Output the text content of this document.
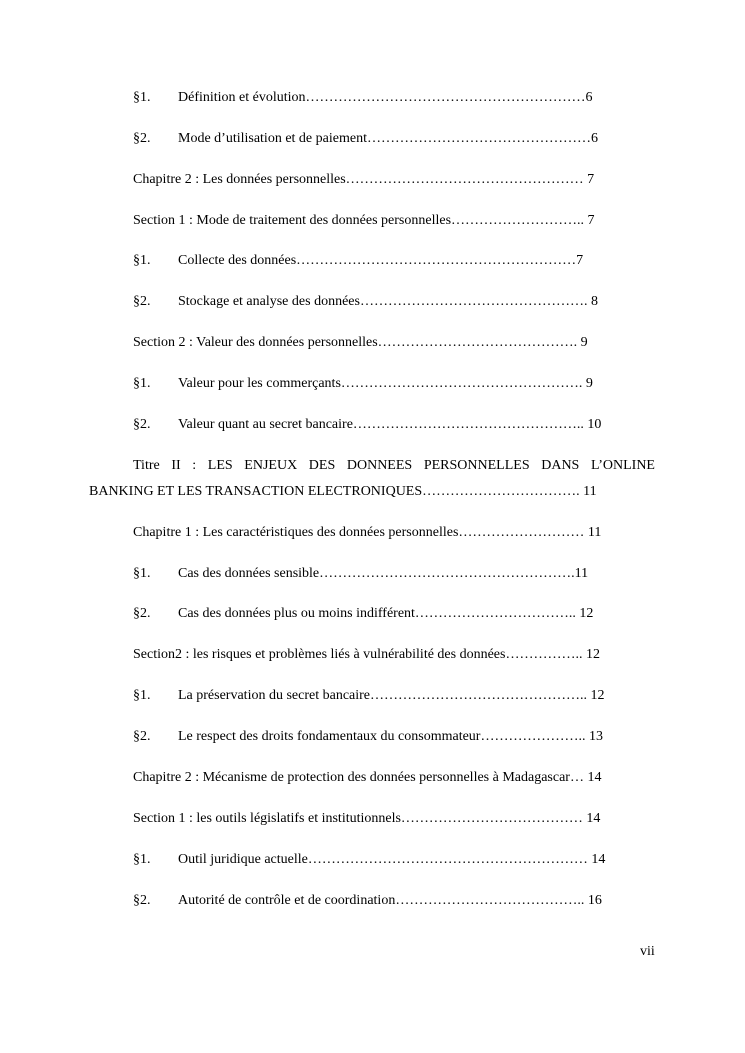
§1. Définition et évolution……………………………………………………6
§2. Mode d’utilisation et de paiement…………………………………………6
Chapitre 2 : Les données personnelles…………………………………………… 7
Section 1 : Mode de traitement des données personnelles……………………….. 7
§1. Collecte des données……………………………………………………7
§2. Stockage et analyse des données…………………………………………. 8
Section 2 : Valeur des données personnelles……………………………………. 9
§1. Valeur pour les commerçants……………………………………………. 9
§2. Valeur quant au secret bancaire………………………………………….. 10
Titre II : LES ENJEUX DES DONNEES PERSONNELLES DANS L’ONLINE
BANKING ET LES TRANSACTION ELECTRONIQUES……………………………. 11
Chapitre 1 : Les caractéristiques des données personnelles……………………… 11
§1. Cas des données sensible……………………………………………….11
§2. Cas des données plus ou moins indifférent…………………………….. 12
Section2 : les risques et problèmes liés à vulnérabilité des données…………….. 12
§1. La préservation du secret bancaire……………………………………….. 12
§2. Le respect des droits fondamentaux du consommateur………………….. 13
Chapitre 2 : Mécanisme de protection des données personnelles à Madagascar… 14
Section 1 : les outils législatifs et institutionnels………………………………… 14
§1. Outil juridique actuelle…………………………………………………… 14
§2. Autorité de contrôle et de coordination………………………………….. 16
vii
